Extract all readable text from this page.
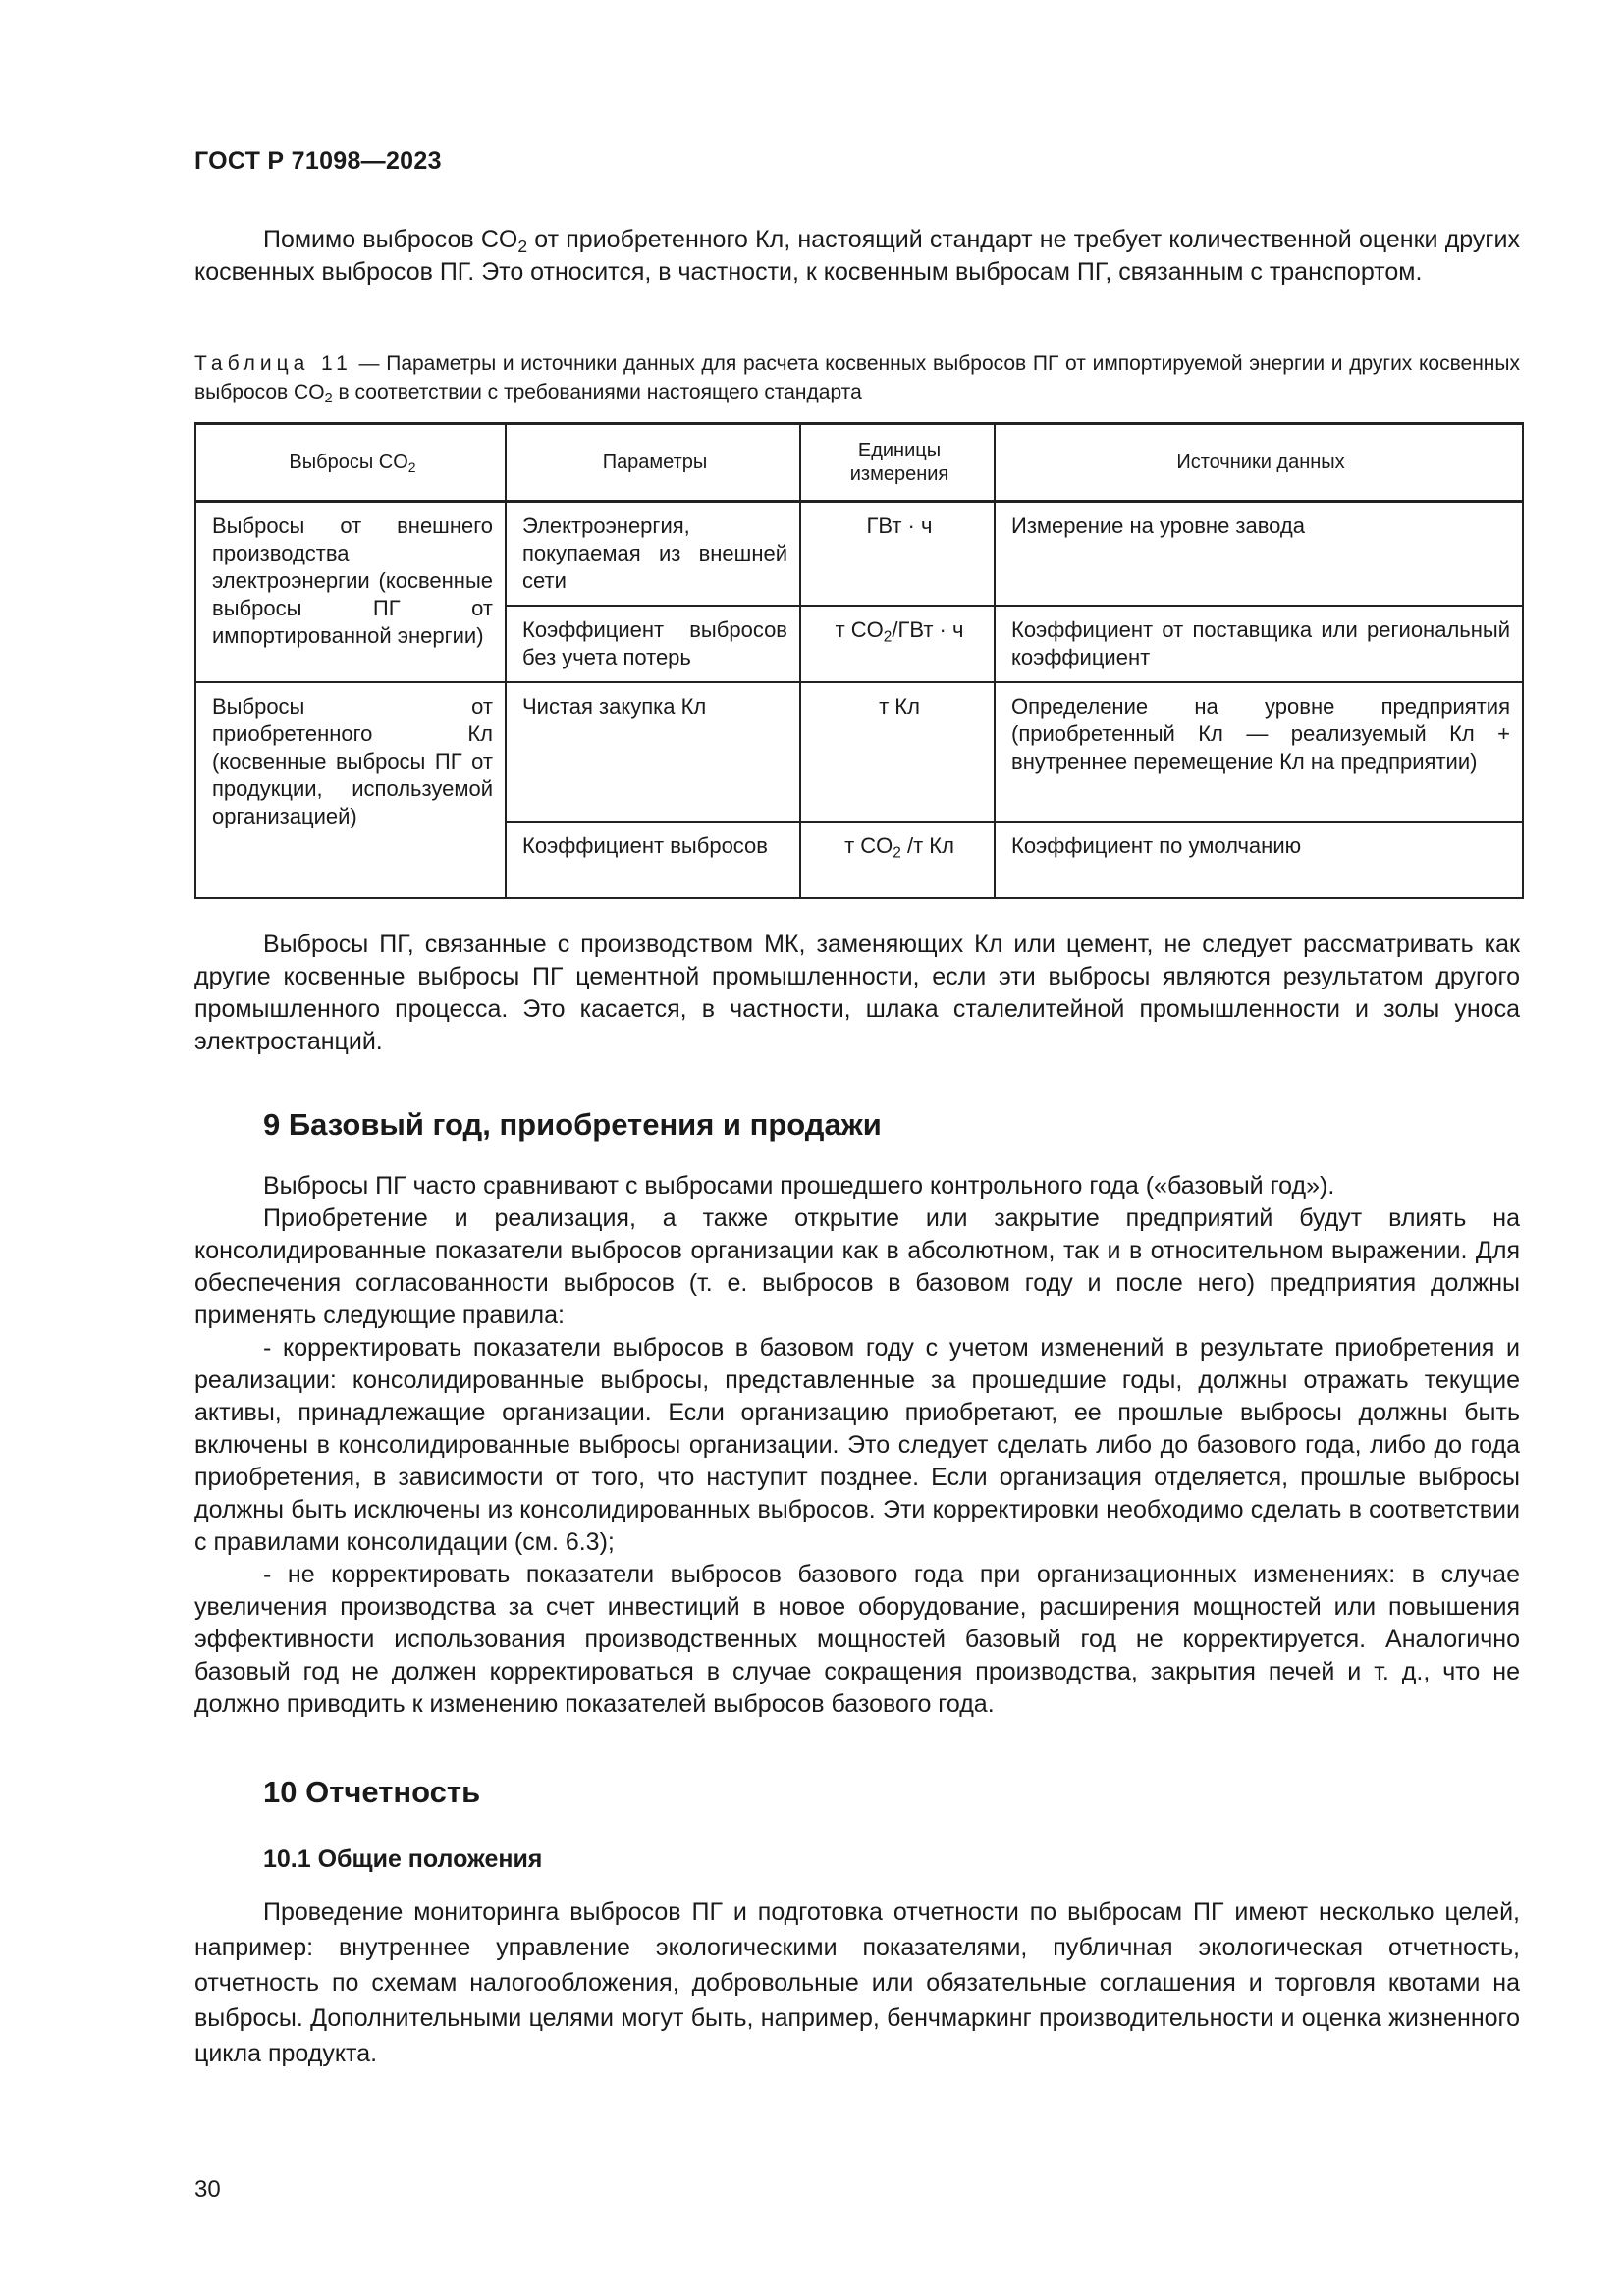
ГОСТ Р 71098—2023

Помимо выбросов $CO_2$ от приобретенного Кл, настоящий стандарт не требует количественной оценки других косвенных выбросов ПГ. Это относится, в частности, к косвенным выбросам ПГ, связанным с транспортом.

Таблица 11 — Параметры и источники данных для расчета косвенных выбросов ПГ от импортируемой энергии и других косвенных выбросов $CO_2$ в соответствии с требованиями настоящего стандарта
Выбросы $CO_2$	Параметры	Единицы измерения	Источники данных
Выбросы от внешнего производства электроэнергии (косвенные выбросы ПГ от импортированной энергии)	Электроэнергия, покупаемая из внешней сети	ГВт · ч	Измерение на уровне завода
	Коэффициент выбросов без учета потерь	т $CO_2$/ГВт · ч	Коэффициент от поставщика или региональный коэффициент
Выбросы от приобретенного Кл (косвенные выбросы ПГ от продукции, используемой организацией)	Чистая закупка Кл	т Кл	Определение на уровне предприятия (приобретенный Кл — реализуемый Кл + внутреннее перемещение Кл на предприятии)
	Коэффициент выбросов	т $CO_2$ /т Кл	Коэффициент по умолчанию

Выбросы ПГ, связанные с производством МК, заменяющих Кл или цемент, не следует рассматривать как другие косвенные выбросы ПГ цементной промышленности, если эти выбросы являются результатом другого промышленного процесса. Это касается, в частности, шлака сталелитейной промышленности и золы уноса электростанций.

9 Базовый год, приобретения и продажи

Выбросы ПГ часто сравнивают с выбросами прошедшего контрольного года («базовый год»).

Приобретение и реализация, а также открытие или закрытие предприятий будут влиять на консолидированные показатели выбросов организации как в абсолютном, так и в относительном выражении. Для обеспечения согласованности выбросов (т. е. выбросов в базовом году и после него) предприятия должны применять следующие правила:

- корректировать показатели выбросов в базовом году с учетом изменений в результате приобретения и реализации: консолидированные выбросы, представленные за прошедшие годы, должны отражать текущие активы, принадлежащие организации. Если организацию приобретают, ее прошлые выбросы должны быть включены в консолидированные выбросы организации. Это следует сделать либо до базового года, либо до года приобретения, в зависимости от того, что наступит позднее. Если организация отделяется, прошлые выбросы должны быть исключены из консолидированных выбросов. Эти корректировки необходимо сделать в соответствии с правилами консолидации (см. 6.3);

- не корректировать показатели выбросов базового года при организационных изменениях: в случае увеличения производства за счет инвестиций в новое оборудование, расширения мощностей или повышения эффективности использования производственных мощностей базовый год не корректируется. Аналогично базовый год не должен корректироваться в случае сокращения производства, закрытия печей и т. д., что не должно приводить к изменению показателей выбросов базового года.

10 Отчетность
10.1 Общие положения

Проведение мониторинга выбросов ПГ и подготовка отчетности по выбросам ПГ имеют несколько целей, например: внутреннее управление экологическими показателями, публичная экологическая отчетность, отчетность по схемам налогообложения, добровольные или обязательные соглашения и торговля квотами на выбросы. Дополнительными целями могут быть, например, бенчмаркинг производительности и оценка жизненного цикла продукта.

30
